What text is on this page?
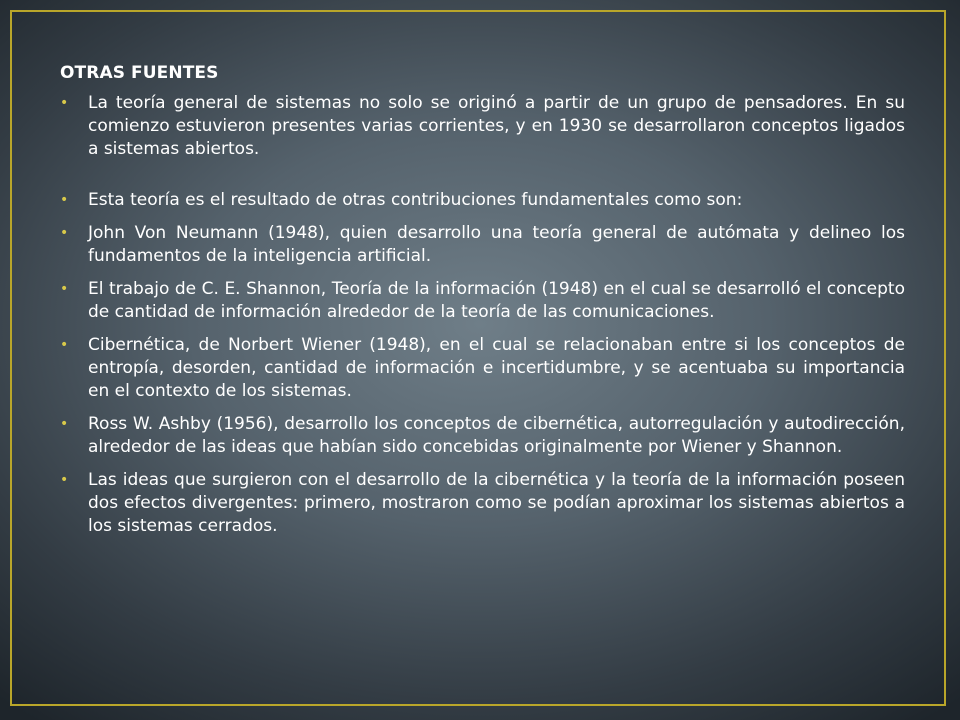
OTRAS FUENTES
•	La teoría general de sistemas no solo se originó a partir de un grupo de pensadores. En su comienzo estuvieron presentes varias corrientes, y en 1930 se desarrollaron conceptos ligados a sistemas abiertos.
•	Esta teoría es el resultado de otras contribuciones fundamentales como son:
•	John Von Neumann (1948), quien desarrollo una teoría general de autómata y delineo los fundamentos de la inteligencia artificial.
•	El trabajo de C. E. Shannon, Teoría de la información (1948) en el cual se desarrolló el concepto de cantidad de información alrededor de la teoría de las comunicaciones.
•	Cibernética, de Norbert Wiener (1948), en el cual se relacionaban entre si los conceptos de entropía, desorden, cantidad de información e incertidumbre, y se acentuaba su importancia en el contexto de los sistemas.
•	Ross W. Ashby (1956), desarrollo los conceptos de cibernética, autorregulación y autodirección, alrededor de las ideas que habían sido concebidas originalmente por Wiener y Shannon.
•	Las ideas que surgieron con el desarrollo de la cibernética y la teoría de la información poseen dos efectos divergentes: primero, mostraron como se podían aproximar los sistemas abiertos a los sistemas cerrados.
